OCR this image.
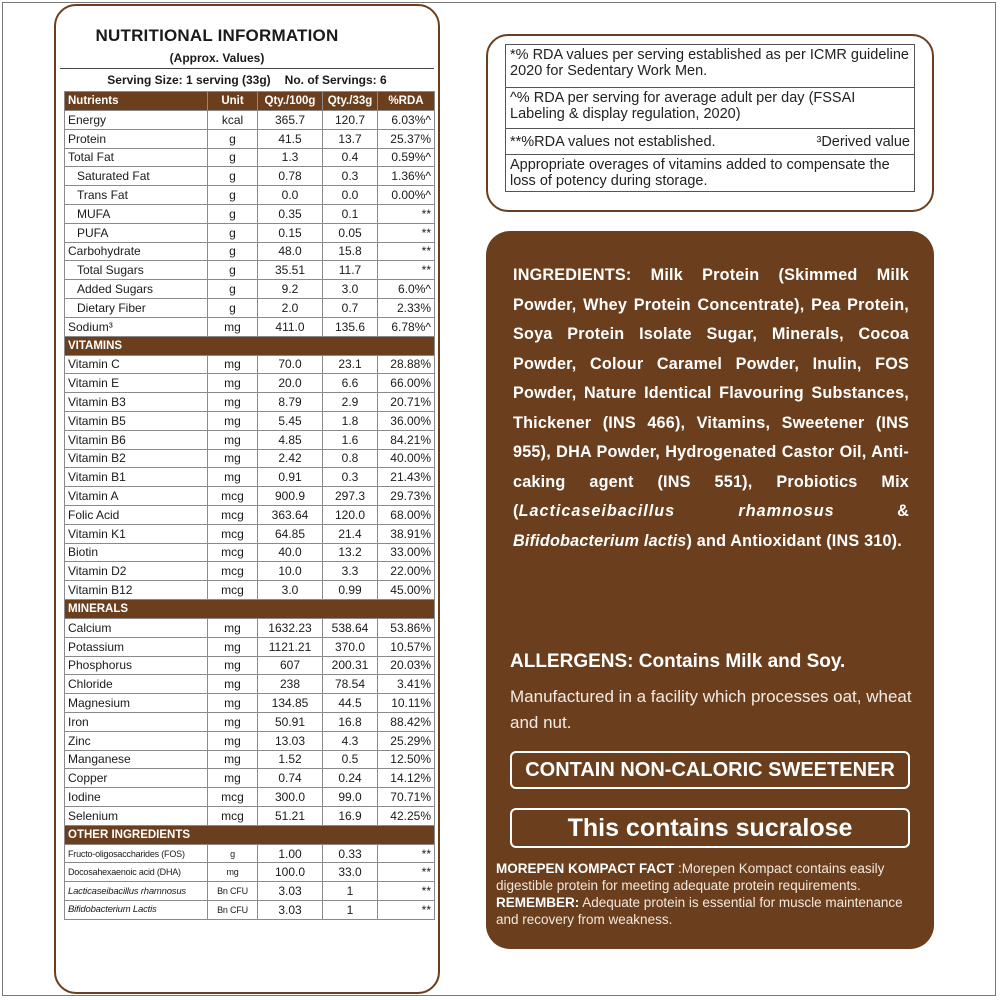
NUTRITIONAL INFORMATION
(Approx. Values)
Serving Size: 1 serving (33g) No. of Servings: 6
Nutrients	Unit	Qty./100g	Qty./33g	%RDA
Energy	kcal	365.7	120.7	6.03%^
Protein	g	41.5	13.7	25.37%
Total Fat	g	1.3	0.4	0.59%^
Saturated Fat	g	0.78	0.3	1.36%^
Trans Fat	g	0.0	0.0	0.00%^
MUFA	g	0.35	0.1	**
PUFA	g	0.15	0.05	**
Carbohydrate	g	48.0	15.8	**
Total Sugars	g	35.51	11.7	**
Added Sugars	g	9.2	3.0	6.0%^
Dietary Fiber	g	2.0	0.7	2.33%
Sodium³	mg	411.0	135.6	6.78%^
VITAMINS				
Vitamin C	mg	70.0	23.1	28.88%
Vitamin E	mg	20.0	6.6	66.00%
Vitamin B3	mg	8.79	2.9	20.71%
Vitamin B5	mg	5.45	1.8	36.00%
Vitamin B6	mg	4.85	1.6	84.21%
Vitamin B2	mg	2.42	0.8	40.00%
Vitamin B1	mg	0.91	0.3	21.43%
Vitamin A	mcg	900.9	297.3	29.73%
Folic Acid	mcg	363.64	120.0	68.00%
Vitamin K1	mcg	64.85	21.4	38.91%
Biotin	mcg	40.0	13.2	33.00%
Vitamin D2	mcg	10.0	3.3	22.00%
Vitamin B12	mcg	3.0	0.99	45.00%
MINERALS				
Calcium	mg	1632.23	538.64	53.86%
Potassium	mg	1121.21	370.0	10.57%
Phosphorus	mg	607	200.31	20.03%
Chloride	mg	238	78.54	3.41%
Magnesium	mg	134.85	44.5	10.11%
Iron	mg	50.91	16.8	88.42%
Zinc	mg	13.03	4.3	25.29%
Manganese	mg	1.52	0.5	12.50%
Copper	mg	0.74	0.24	14.12%
Iodine	mcg	300.0	99.0	70.71%
Selenium	mcg	51.21	16.9	42.25%
OTHER INGREDIENTS				
Fructo-oligosaccharides (FOS)	g	1.00	0.33	**
Docosahexaenoic acid (DHA)	mg	100.0	33.0	**
Lacticaseibacillus rhamnosus	Bn CFU	3.03	1	**
Bifidobacterium Lactis	Bn CFU	3.03	1	**
*% RDA values per serving established as per ICMR guideline 2020 for Sedentary Work Men.
^% RDA per serving for average adult per day (FSSAI Labeling & display regulation, 2020)
**%RDA values not established.	³Derived value
Appropriate overages of vitamins added to compensate the loss of potency during storage.
INGREDIENTS: Milk Protein (Skimmed Milk Powder, Whey Protein Concentrate), Pea Protein, Soya Protein Isolate Sugar, Minerals, Cocoa Powder, Colour Caramel Powder, Inulin, FOS Powder, Nature Identical Flavouring Substances, Thickener (INS 466), Vitamins, Sweetener (INS 955), DHA Powder, Hydrogenated Castor Oil, Anti-caking agent (INS 551), Probiotics Mix (Lacticaseibacillus rhamnosus & Bifidobacterium lactis) and Antioxidant (INS 310).
ALLERGENS: Contains Milk and Soy.
Manufactured in a facility which processes oat, wheat and nut.
CONTAIN NON-CALORIC SWEETENER
This contains sucralose
MOREPEN KOMPACT FACT :Morepen Kompact contains easily digestible protein for meeting adequate protein requirements.
REMEMBER: Adequate protein is essential for muscle maintenance and recovery from weakness.
